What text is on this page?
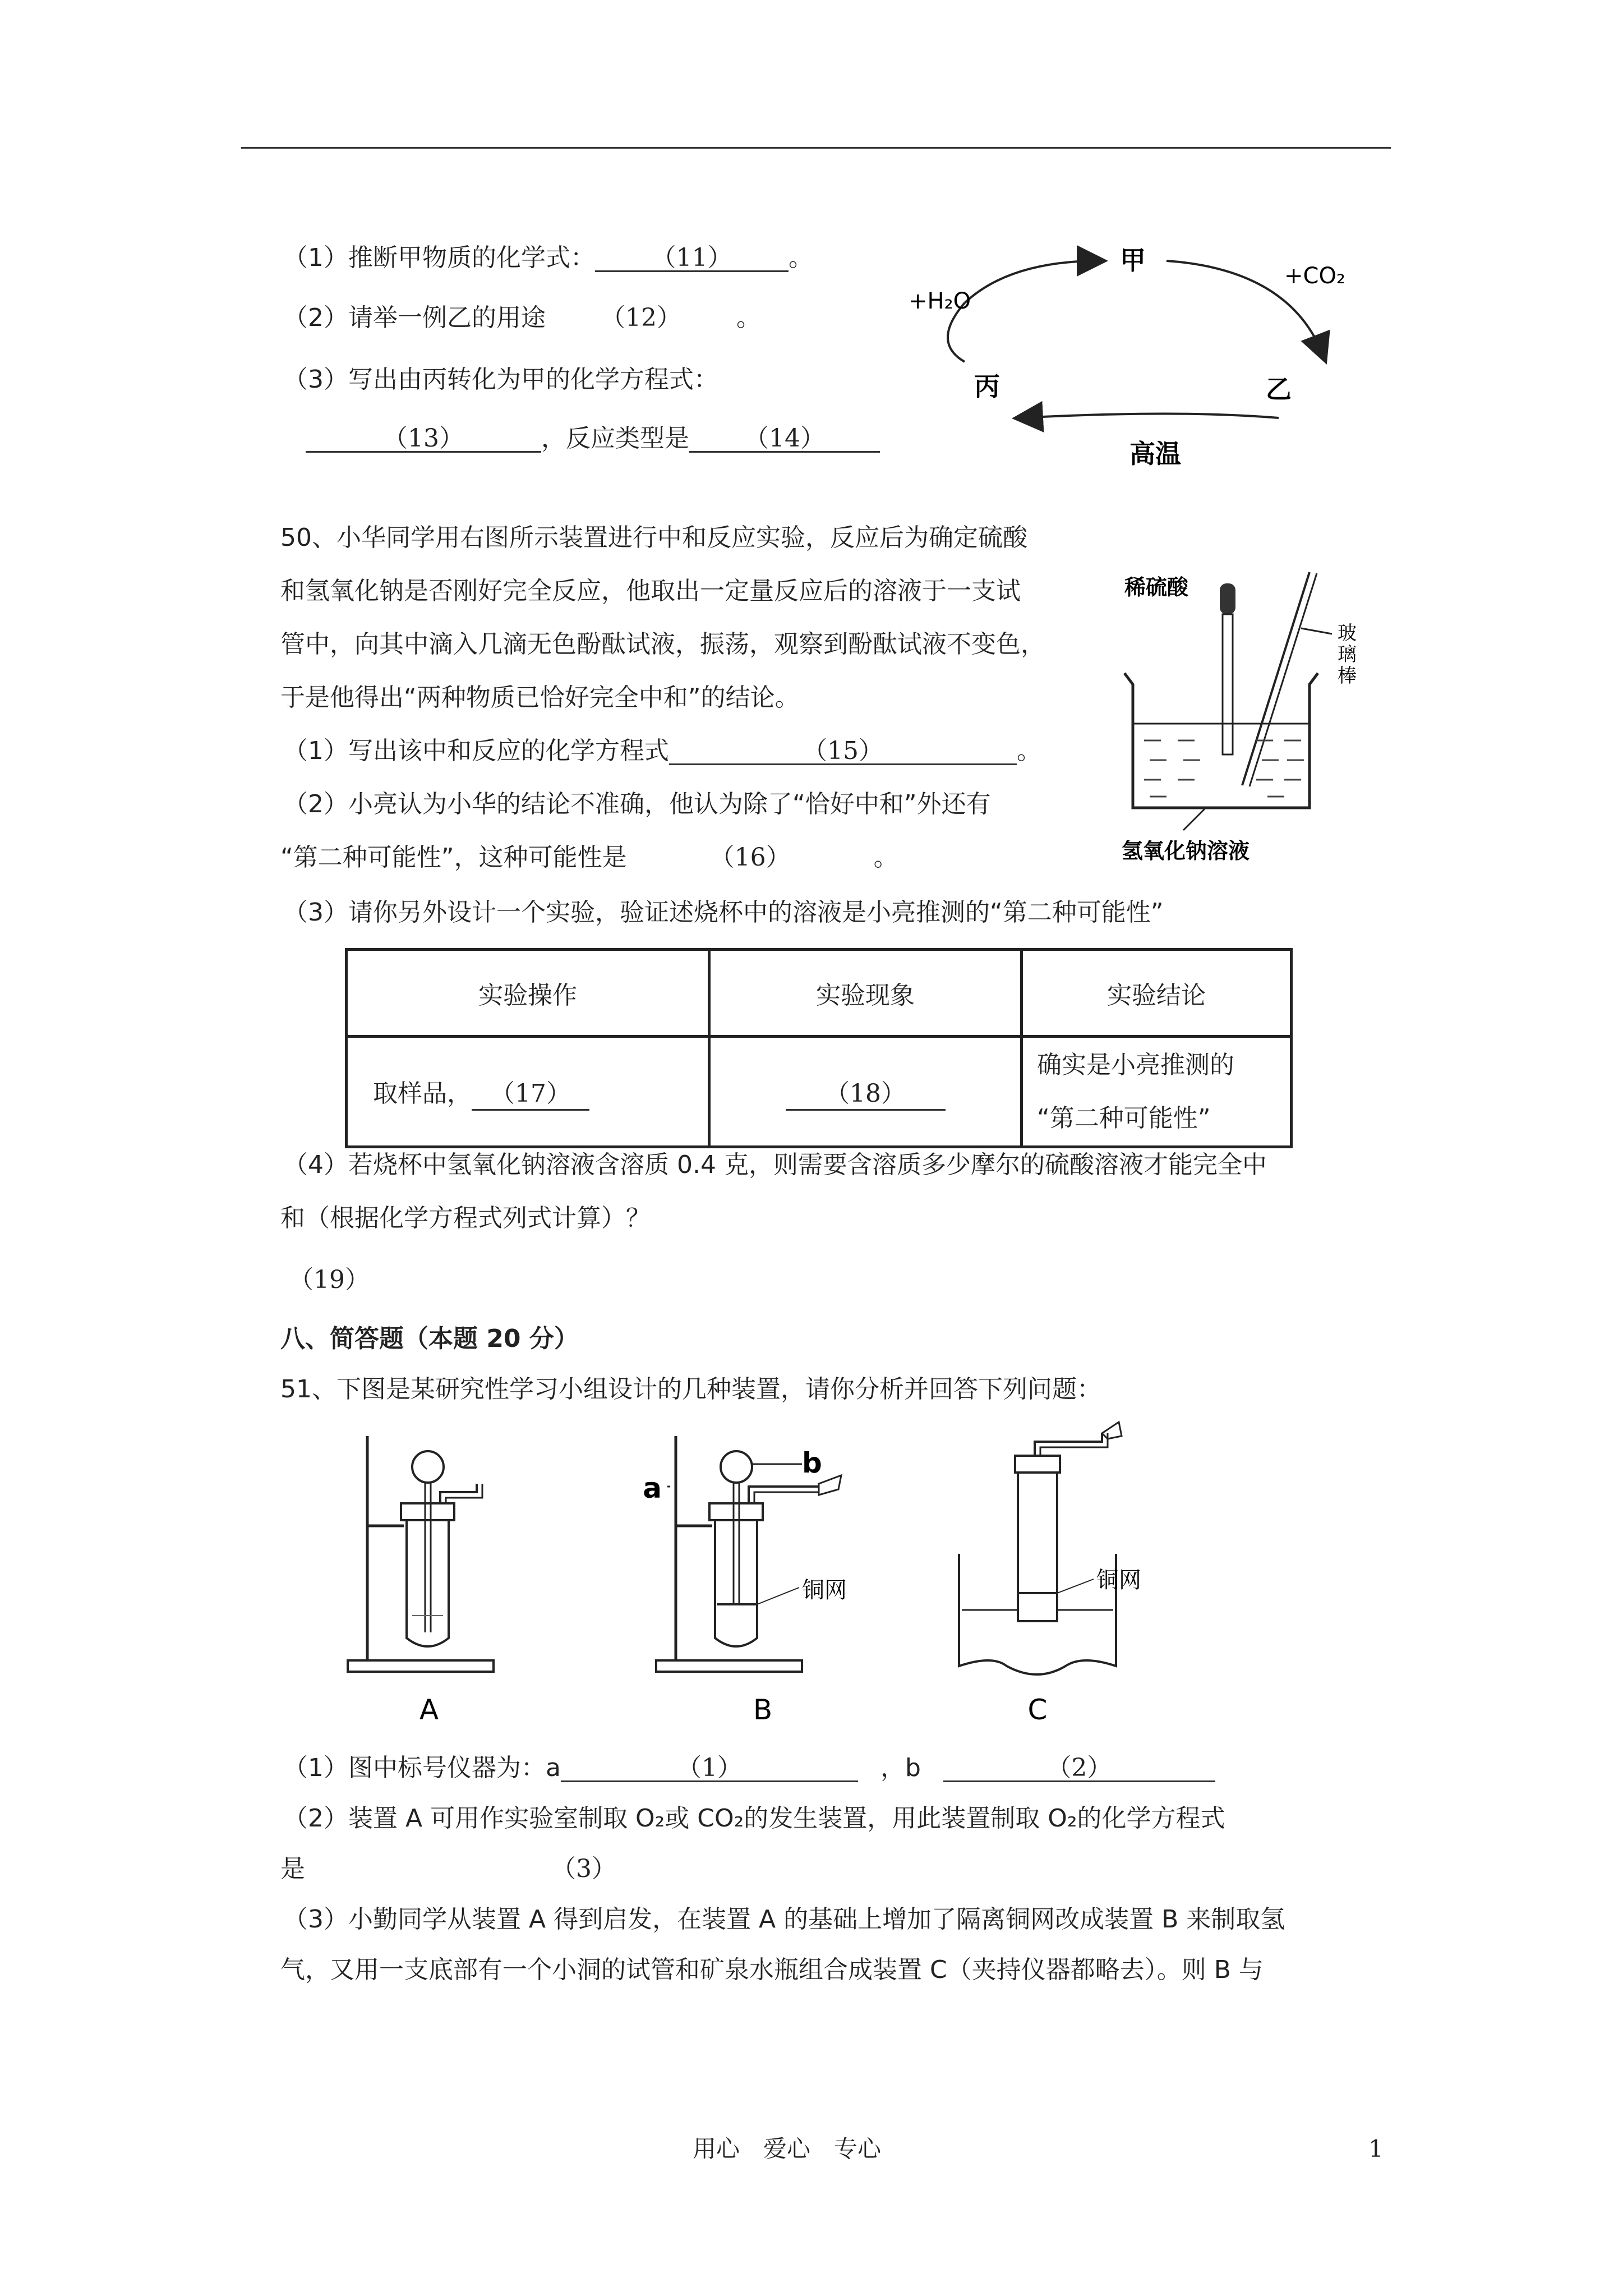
（1）推断甲物质的化学式： （11） 。
（2）请举一例乙的用途 （12） 。
（3）写出由丙转化为甲的化学方程式：
（13）	，反应类型是 （14）
甲
+CO₂
+H₂O
丙	乙
高温
50、小华同学用右图所示装置进行中和反应实验，反应后为确定硫酸
和氢氧化钠是否刚好完全反应，他取出一定量反应后的溶液于一支试
管中，向其中滴入几滴无色酚酞试液，振荡，观察到酚酞试液不变色，
于是他得出“两种物质已恰好完全中和”的结论。
（1）写出该中和反应的化学方程式	（15）	。
（2）小亮认为小华的结论不准确，他认为除了“恰好中和”外还有
“第二种可能性”，这种可能性是	（16）	。
稀硫酸
玻
璃
棒
氢氧化钠溶液
（3）请你另外设计一个实验，验证述烧杯中的溶液是小亮推测的“第二种可能性”
实验操作	实验现象	实验结论
取样品， （17）	（18）	确实是小亮推测的
“第二种可能性”
（4）若烧杯中氢氧化钠溶液含溶质 0.4 克，则需要含溶质多少摩尔的硫酸溶液才能完全中
和（根据化学方程式列式计算）？
（19）
八、简答题（本题 20 分）
51、下图是某研究性学习小组设计的几种装置，请你分析并回答下列问题：
A
b
a
铜网
B
铜网
C
（1）图中标号仪器为：a	（1）	，b	（2）
（2）装置 A 可用作实验室制取 O₂或 CO₂的发生装置，用此装置制取 O₂的化学方程式
是	（3）
（3）小勤同学从装置 A 得到启发，在装置 A 的基础上增加了隔离铜网改成装置 B 来制取氢
气，又用一支底部有一个小洞的试管和矿泉水瓶组合成装置 C（夹持仪器都略去）。则 B 与
用心　爱心　专心	1
